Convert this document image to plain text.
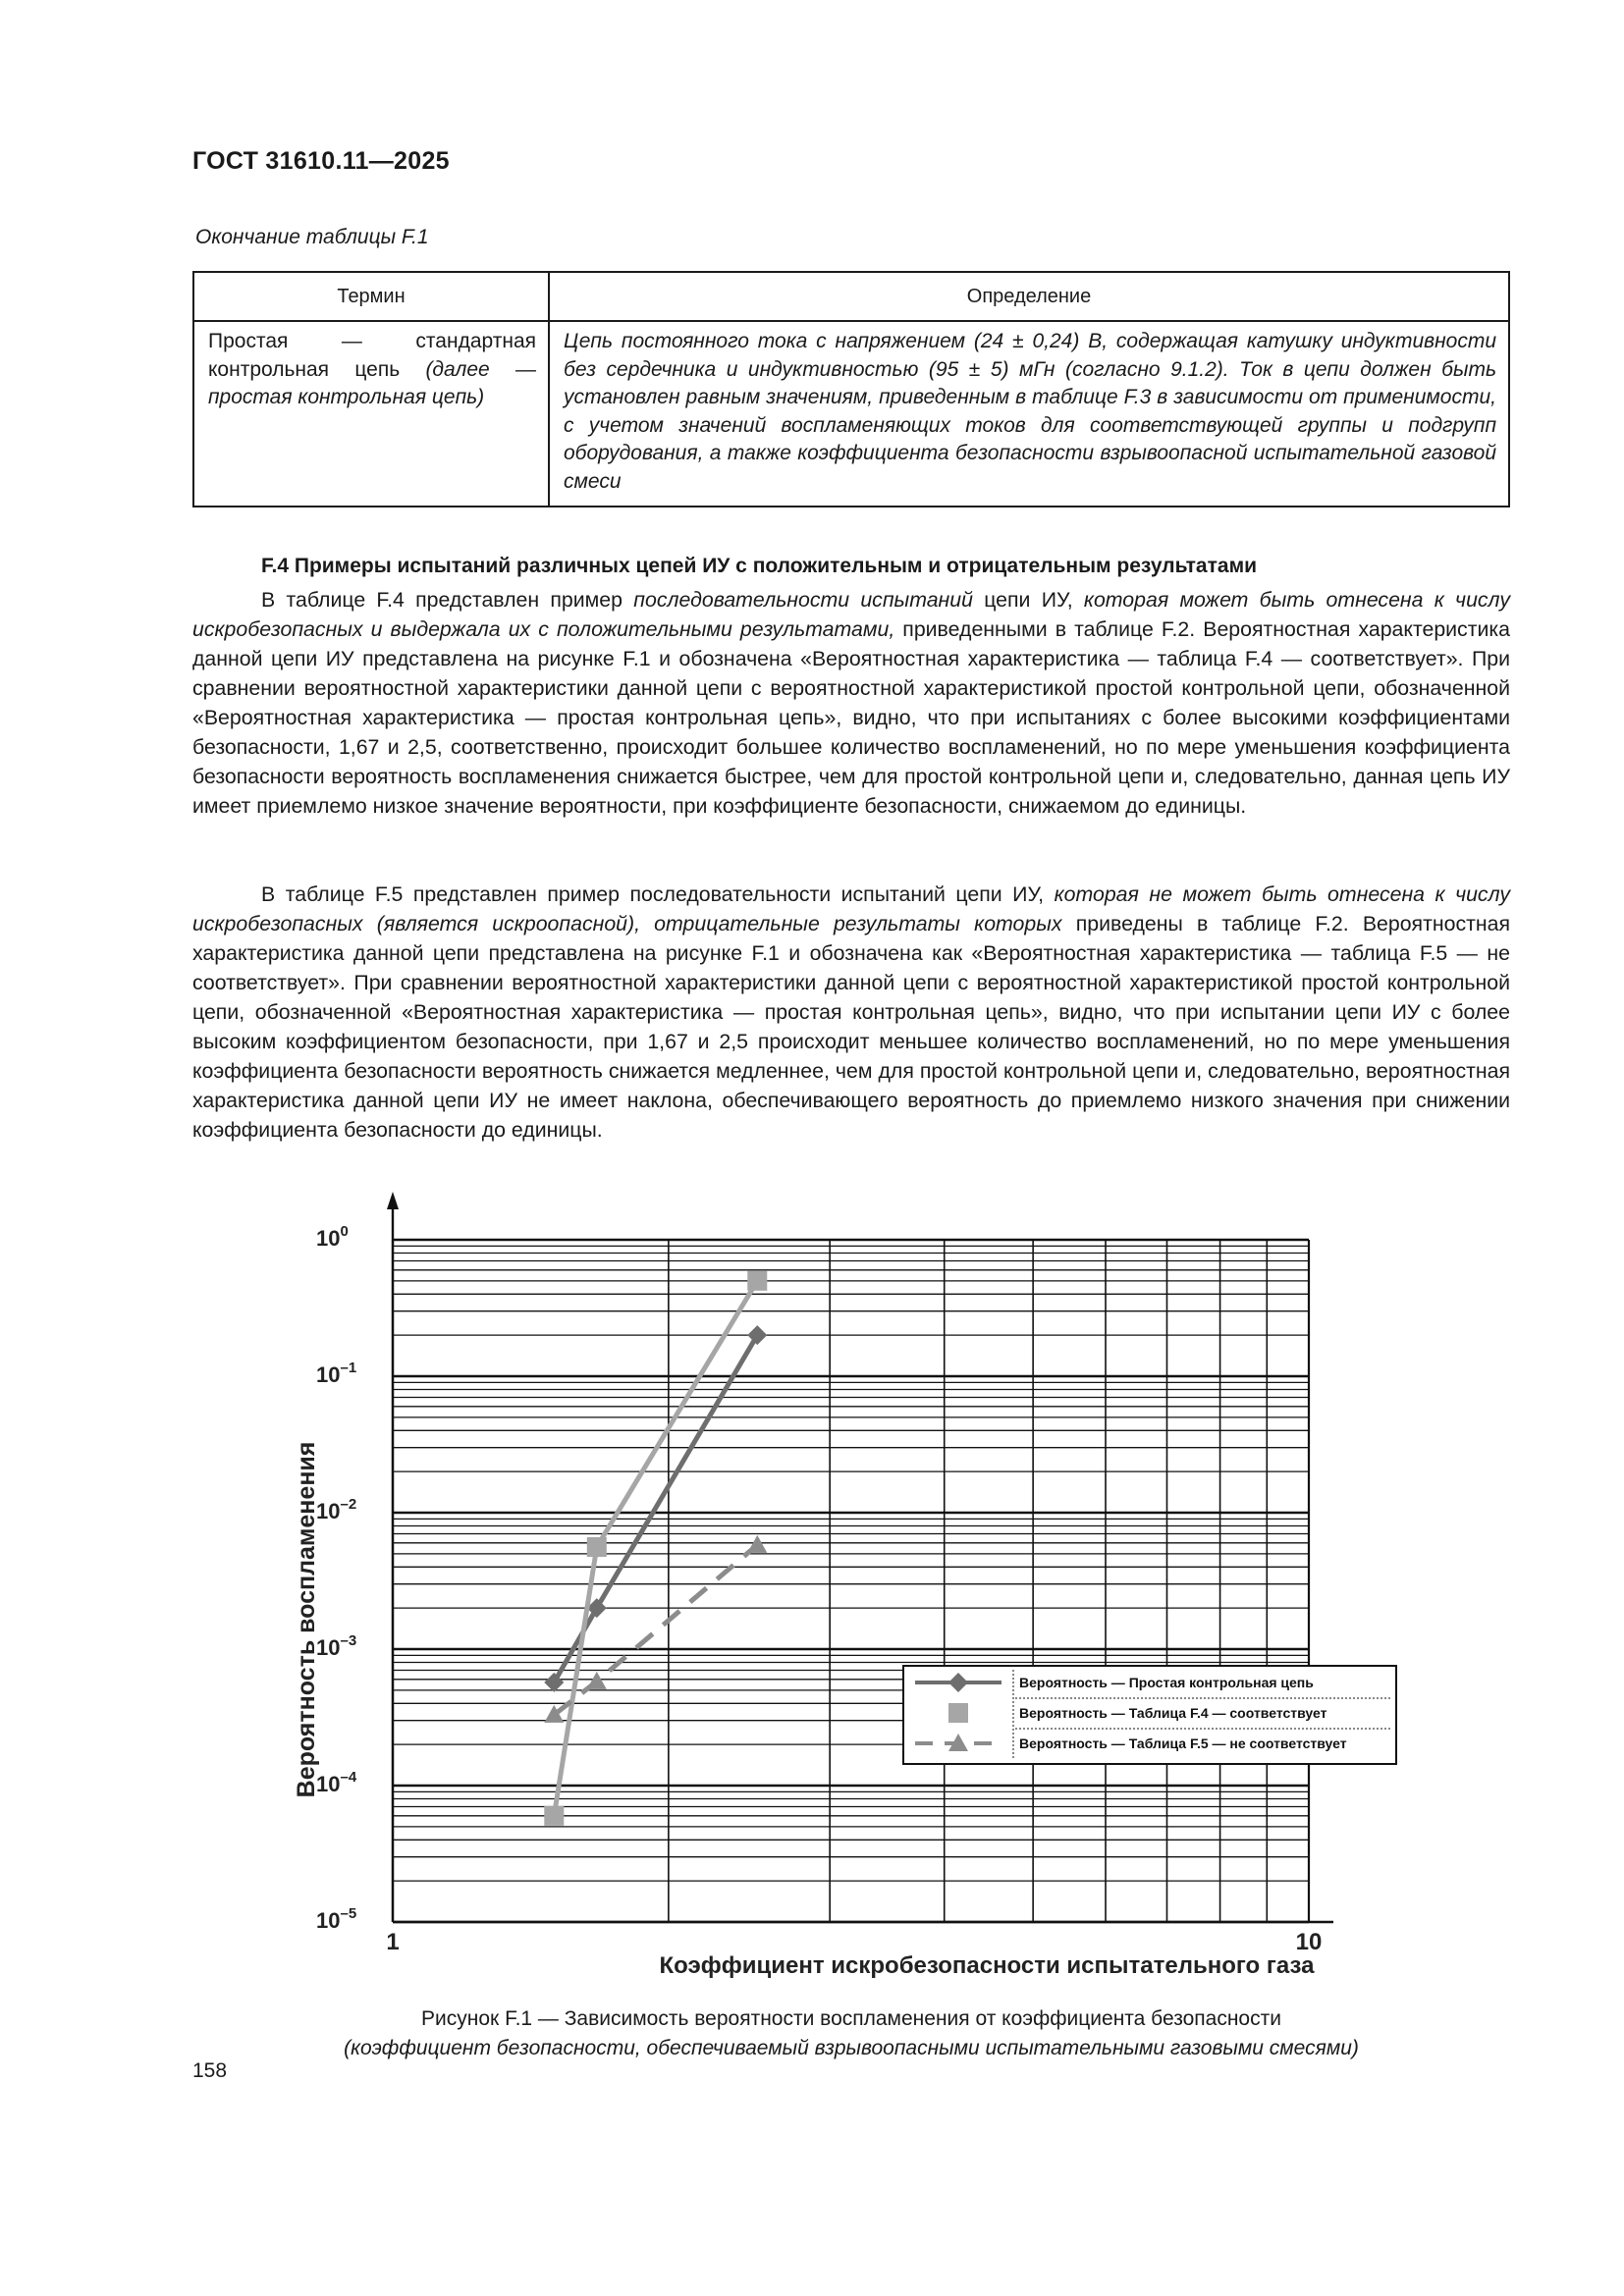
ГОСТ 31610.11—2025
Окончание таблицы F.1
Термин	Определение
Простая — стандартная контрольная цепь (далее — простая контрольная цепь)	Цепь постоянного тока с напряжением (24 ± 0,24) В, содержащая катушку индуктивности без сердечника и индуктивностью (95 ± 5) мГн (согласно 9.1.2). Ток в цепи должен быть установлен равным значениям, приведенным в таблице F.3 в зависимости от применимости, с учетом значений воспламеняющих токов для соответствующей группы и подгрупп оборудования, а также коэффициента безопасности взрывоопасной испытательной газовой смеси
F.4 Примеры испытаний различных цепей ИУ с положительным и отрицательным результатами

В таблице F.4 представлен пример последовательности испытаний цепи ИУ, которая может быть отнесена к числу искробезопасных и выдержала их с положительными результатами, приведенными в таблице F.2. Вероятностная характеристика данной цепи ИУ представлена на рисунке F.1 и обозначена «Вероятностная характеристика — таблица F.4 — соответствует». При сравнении вероятностной характеристики данной цепи с вероятностной характеристикой простой контрольной цепи, обозначенной «Вероятностная характеристика — простая контрольная цепь», видно, что при испытаниях с более высокими коэффициентами безопасности, 1,67 и 2,5, соответственно, происходит большее количество воспламенений, но по мере уменьшения коэффициента безопасности вероятность воспламенения снижается быстрее, чем для простой контрольной цепи и, следовательно, данная цепь ИУ имеет приемлемо низкое значение вероятности, при коэффициенте безопасности, снижаемом до единицы.

В таблице F.5 представлен пример последовательности испытаний цепи ИУ, которая не может быть отнесена к числу искробезопасных (является искроопасной), отрицательные результаты которых приведены в таблице F.2. Вероятностная характеристика данной цепи представлена на рисунке F.1 и обозначена как «Вероятностная характеристика — таблица F.5 — не соответствует». При сравнении вероятностной характеристики данной цепи с вероятностной характеристикой простой контрольной цепи, обозначенной «Вероятностная характеристика — простая контрольная цепь», видно, что при испытании цепи ИУ с более высоким коэффициентом безопасности, при 1,67 и 2,5 происходит меньшее количество воспламенений, но по мере уменьшения коэффициента безопасности вероятность снижается медленнее, чем для простой контрольной цепи и, следовательно, вероятностная характеристика данной цепи ИУ не имеет наклона, обеспечивающего вероятность до приемлемо низкого значения при снижении коэффициента безопасности до единицы.

$10^0$
$10^{-1}$
$10^{-2}$
$10^{-3}$
$10^{-4}$
$10^{-5}$
1	10
Вероятность воспламенения
Коэффициент искробезопасности испытательного газа
Вероятность — Простая контрольная цепь
Вероятность — Таблица F.4 — соответствует
Вероятность — Таблица F.5 — не соответствует
Рисунок F.1 — Зависимость вероятности воспламенения от коэффициента безопасности
(коэффициент безопасности, обеспечиваемый взрывоопасными испытательными газовыми смесями)
158
